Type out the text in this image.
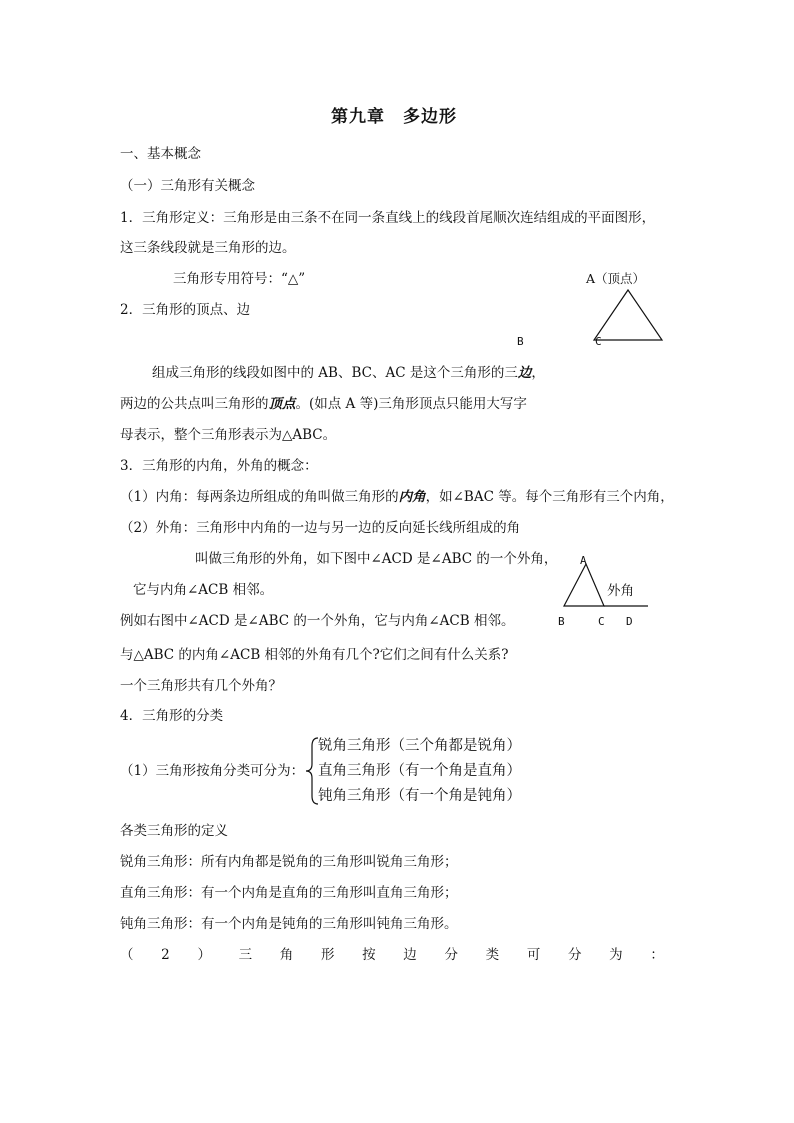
第九章　多边形
一、基本概念
（一）三角形有关概念
1．三角形定义：三角形是由三条不在同一条直线上的线段首尾顺次连结组成的平面图形，
这三条线段就是三角形的边。
三角形专用符号：“△”
2．三角形的顶点、边
A（顶点）
B	C
组成三角形的线段如图中的 AB、BC、AC 是这个三角形的三边，
两边的公共点叫三角形的顶点。(如点 A 等)三角形顶点只能用大写字
母表示，整个三角形表示为△ABC。
3．三角形的内角，外角的概念：
（1）内角：每两条边所组成的角叫做三角形的内角，如∠BAC 等。每个三角形有三个内角，
（2）外角：三角形中内角的一边与另一边的反向延长线所组成的角
叫做三角形的外角，如下图中∠ACD 是∠ABC 的一个外角，
它与内角∠ACB 相邻。
例如右图中∠ACD 是∠ABC 的一个外角，它与内角∠ACB 相邻。
A
外角
B	C D
与△ABC 的内角∠ACB 相邻的外角有几个?它们之间有什么关系?
一个三角形共有几个外角？
4．三角形的分类
（1）三角形按角分类可分为：
锐角三角形（三个角都是锐角）
直角三角形（有一个角是直角）
钝角三角形（有一个角是钝角）
各类三角形的定义
锐角三角形：所有内角都是锐角的三角形叫锐角三角形；
直角三角形：有一个内角是直角的三角形叫直角三角形；
钝角三角形：有一个内角是钝角的三角形叫钝角三角形。
（ 2 ） 三 角 形 按 边 分 类 可 分 为 ：
